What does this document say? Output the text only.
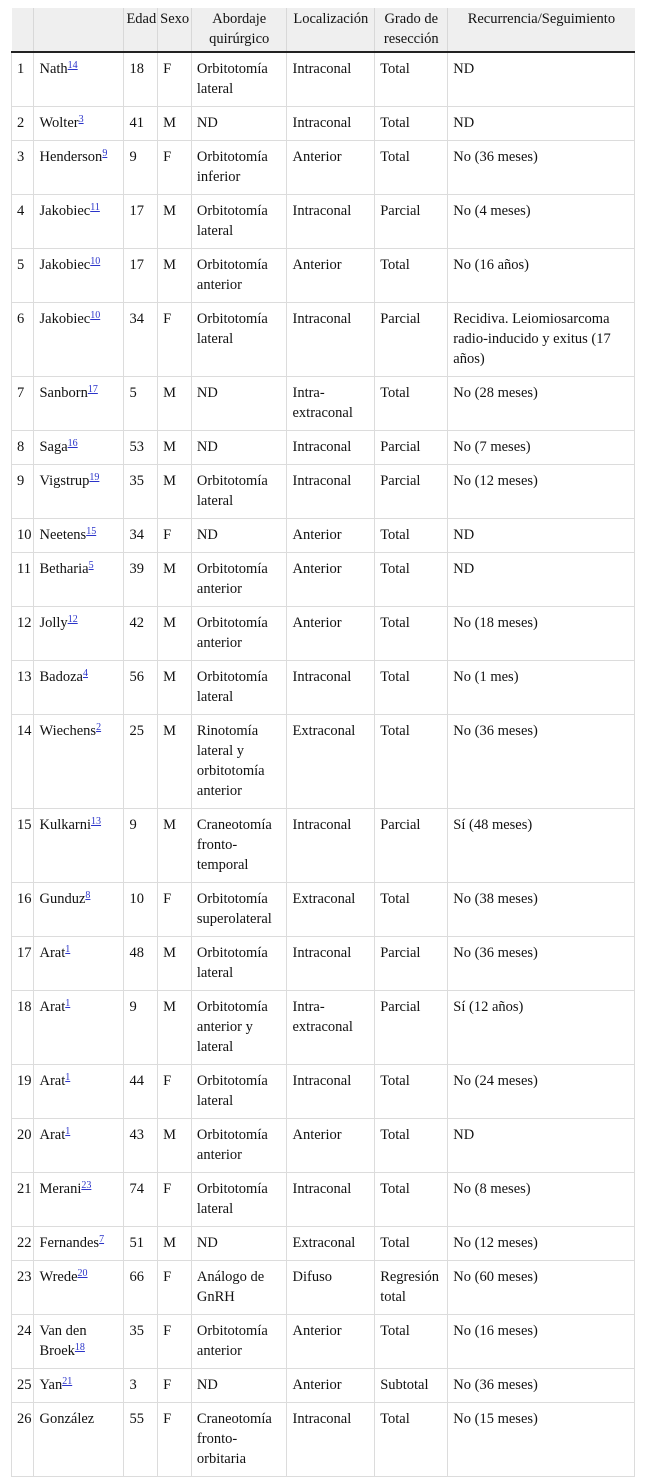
		Edad	Sexo	Abordaje quirúrgico	Localización	Grado de resección	Recurrencia/Seguimiento
1	Nath$^{14}$	18	F	Orbitotomía lateral	Intraconal	Total	ND
2	Wolter$^3$	41	M	ND	Intraconal	Total	ND
3	Henderson$^9$	9	F	Orbitotomía inferior	Anterior	Total	No (36 meses)
4	Jakobiec$^{11}$	17	M	Orbitotomía lateral	Intraconal	Parcial	No (4 meses)
5	Jakobiec$^{10}$	17	M	Orbitotomía anterior	Anterior	Total	No (16 años)
6	Jakobiec$^{10}$	34	F	Orbitotomía lateral	Intraconal	Parcial	Recidiva. Leiomiosarcoma radio-inducido y exitus (17 años)
7	Sanborn$^{17}$	5	M	ND	Intra-extraconal	Total	No (28 meses)
8	Saga$^{16}$	53	M	ND	Intraconal	Parcial	No (7 meses)
9	Vigstrup$^{19}$	35	M	Orbitotomía lateral	Intraconal	Parcial	No (12 meses)
10	Neetens$^{15}$	34	F	ND	Anterior	Total	ND
11	Betharia$^5$	39	M	Orbitotomía anterior	Anterior	Total	ND
12	Jolly$^{12}$	42	M	Orbitotomía anterior	Anterior	Total	No (18 meses)
13	Badoza$^4$	56	M	Orbitotomía lateral	Intraconal	Total	No (1 mes)
14	Wiechens$^2$	25	M	Rinotomía lateral y orbitotomía anterior	Extraconal	Total	No (36 meses)
15	Kulkarni$^{13}$	9	M	Craneotomía fronto-temporal	Intraconal	Parcial	Sí (48 meses)
16	Gunduz$^8$	10	F	Orbitotomía superolateral	Extraconal	Total	No (38 meses)
17	Arat$^1$	48	M	Orbitotomía lateral	Intraconal	Parcial	No (36 meses)
18	Arat$^1$	9	M	Orbitotomía anterior y lateral	Intra-extraconal	Parcial	Sí (12 años)
19	Arat$^1$	44	F	Orbitotomía lateral	Intraconal	Total	No (24 meses)
20	Arat$^1$	43	M	Orbitotomía anterior	Anterior	Total	ND
21	Merani$^{23}$	74	F	Orbitotomía lateral	Intraconal	Total	No (8 meses)
22	Fernandes$^7$	51	M	ND	Extraconal	Total	No (12 meses)
23	Wrede$^{20}$	66	F	Análogo de GnRH	Difuso	Regresión total	No (60 meses)
24	Van den Broek$^{18}$	35	F	Orbitotomía anterior	Anterior	Total	No (16 meses)
25	Yan$^{21}$	3	F	ND	Anterior	Subtotal	No (36 meses)
26	González	55	F	Craneotomía fronto-orbitaria	Intraconal	Total	No (15 meses)
